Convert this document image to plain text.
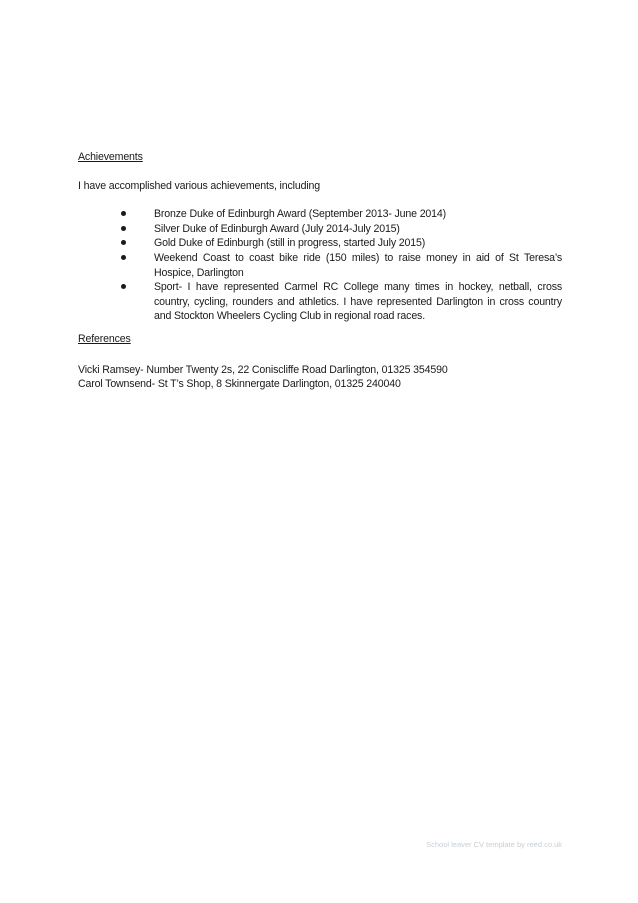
Achievements

I have accomplished various achievements, including

Bronze Duke of Edinburgh Award (September 2013- June 2014)
Silver Duke of Edinburgh Award (July 2014-July 2015)
Gold Duke of Edinburgh (still in progress, started July 2015)
Weekend Coast to coast bike ride (150 miles) to raise money in aid of St Teresa’s Hospice, Darlington
Sport- I have represented Carmel RC College many times in hockey, netball, cross country, cycling, rounders and athletics. I have represented Darlington in cross country and Stockton Wheelers Cycling Club in regional road races.

References

Vicki Ramsey- Number Twenty 2s, 22 Coniscliffe Road Darlington, 01325 354590

Carol Townsend- St T’s Shop, 8 Skinnergate Darlington, 01325 240040

School leaver CV template by reed.co.uk
